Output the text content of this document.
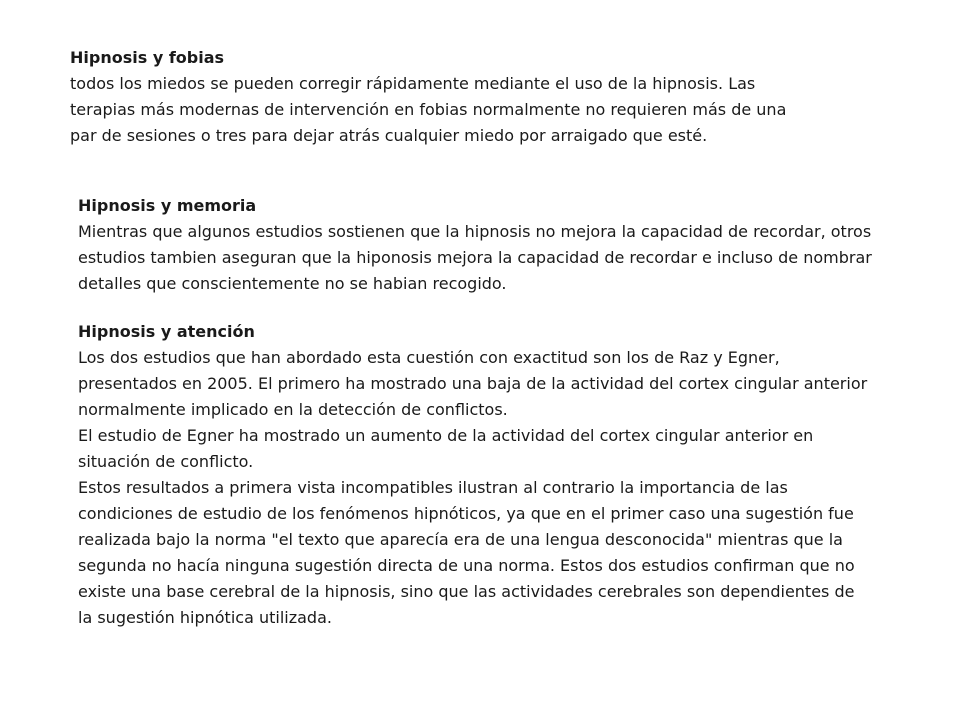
Hipnosis y fobias
todos los miedos se pueden corregir rápidamente mediante el uso de la hipnosis. Las
terapias más modernas de intervención en fobias normalmente no requieren más de una
par de sesiones o tres para dejar atrás cualquier miedo por arraigado que esté.
Hipnosis y memoria
Mientras que algunos estudios sostienen que la hipnosis no mejora la capacidad de recordar, otros
estudios tambien aseguran que la hiponosis mejora la capacidad de recordar e incluso de nombrar
detalles que conscientemente no se habian recogido.
Hipnosis y atención
Los dos estudios que han abordado esta cuestión con exactitud son los de Raz y Egner,
presentados en 2005. El primero ha mostrado una baja de la actividad del cortex cingular anterior
normalmente implicado en la detección de conflictos.
El estudio de Egner ha mostrado un aumento de la actividad del cortex cingular anterior en
situación de conflicto.
Estos resultados a primera vista incompatibles ilustran al contrario la importancia de las
condiciones de estudio de los fenómenos hipnóticos, ya que en el primer caso una sugestión fue
realizada bajo la norma "el texto que aparecía era de una lengua desconocida" mientras que la
segunda no hacía ninguna sugestión directa de una norma. Estos dos estudios confirman que no
existe una base cerebral de la hipnosis, sino que las actividades cerebrales son dependientes de
la sugestión hipnótica utilizada.
